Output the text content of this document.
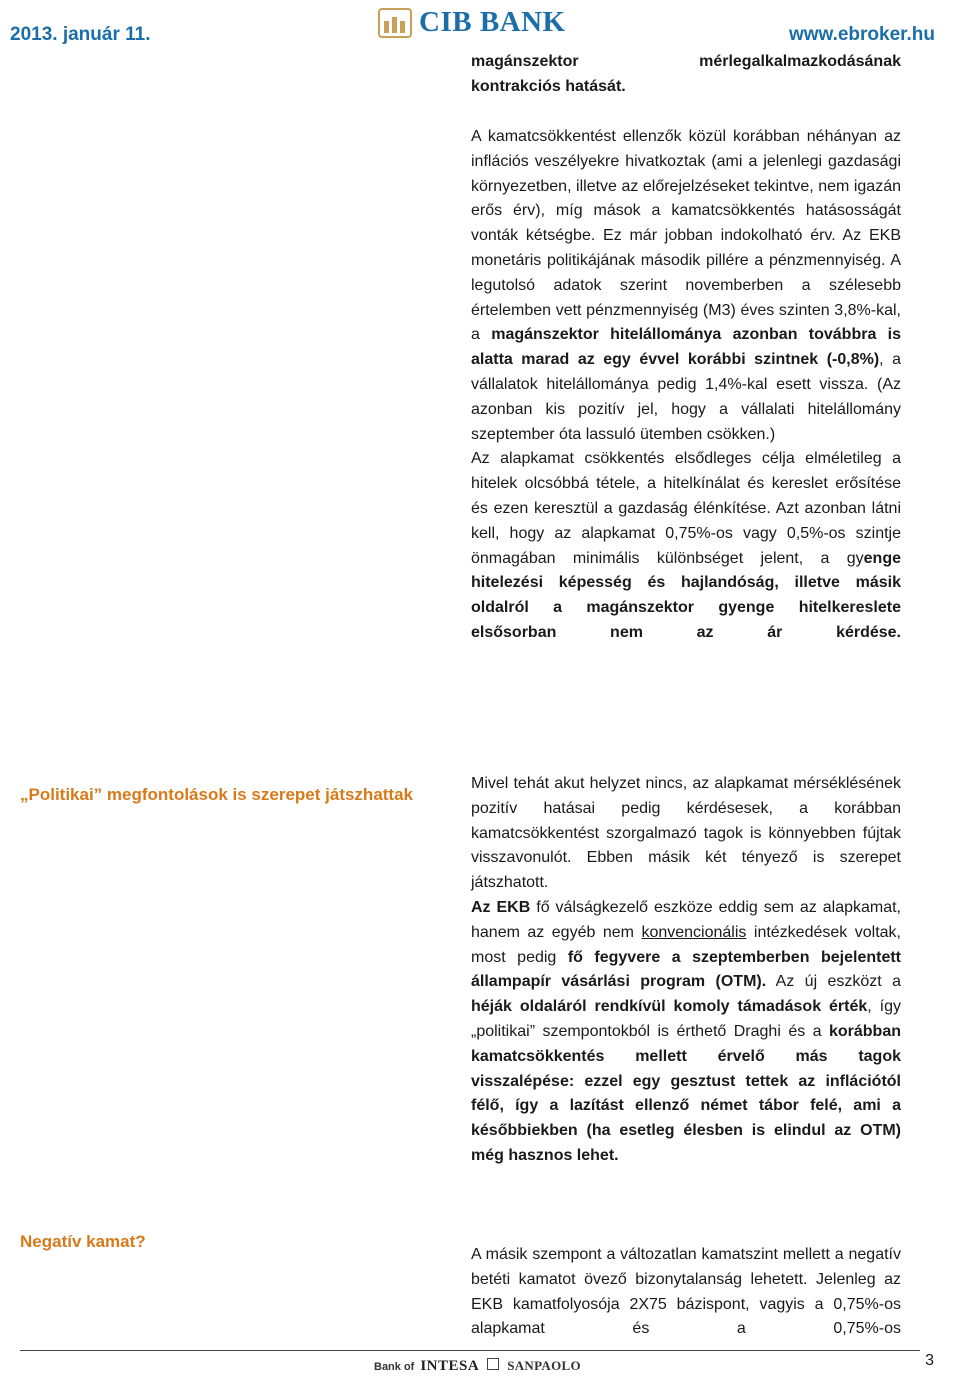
2013. január 11.	CIB BANK	www.ebroker.hu
magánszektor	mérlegalkalmazkodásának
kontrakciós hatását.

A kamatcsökkentést ellenzők közül korábban néhányan az inflációs veszélyekre hivatkoztak (ami a jelenlegi gazdasági környezetben, illetve az előrejelzéseket tekintve, nem igazán erős érv), míg mások a kamatcsökkentés hatásosságát vonták kétségbe. Ez már jobban indokolható érv. Az EKB monetáris politikájának második pillére a pénzmennyiség. A legutolsó adatok szerint novemberben a szélesebb értelemben vett pénzmennyiség (M3) éves szinten 3,8%-kal, a magánszektor hitelállománya azonban továbbra is alatta marad az egy évvel korábbi szintnek (-0,8%), a vállalatok hitelállománya pedig 1,4%-kal esett vissza. (Az azonban kis pozitív jel, hogy a vállalati hitelállomány szeptember óta lassuló ütemben csökken.)

Az alapkamat csökkentés elsődleges célja elméletileg a hitelek olcsóbbá tétele, a hitelkínálat és kereslet erősítése és ezen keresztül a gazdaság élénkítése. Azt azonban látni kell, hogy az alapkamat 0,75%-os vagy 0,5%-os szintje önmagában minimális különbséget jelent, a gyenge hitelezési képesség és hajlandóság, illetve másik oldalról a magánszektor gyenge hitelkereslete elsősorban nem az ár kérdése.

„Politikai” megfontolások is szerepet játszhattak

Mivel tehát akut helyzet nincs, az alapkamat mérséklésének pozitív hatásai pedig kérdésesek, a korábban kamatcsökkentést szorgalmazó tagok is könnyebben fújtak visszavonulót. Ebben másik két tényező is szerepet játszhatott.

Az EKB fő válságkezelő eszköze eddig sem az alapkamat, hanem az egyéb nem konvencionális intézkedések voltak, most pedig fő fegyvere a szeptemberben bejelentett állampapír vásárlási program (OTM). Az új eszközt a héják oldaláról rendkívül komoly támadások érték, így „politikai” szempontokból is érthető Draghi és a korábban kamatcsökkentés mellett érvelő más tagok visszalépése: ezzel egy gesztust tettek az inflációtól félő, így a lazítást ellenző német tábor felé, ami a későbbiekben (ha esetleg élesben is elindul az OTM) még hasznos lehet.

Negatív kamat?

A másik szempont a változatlan kamatszint mellett a negatív betéti kamatot övező bizonytalanság lehetett. Jelenleg az EKB kamatfolyosója 2X75 bázispont, vagyis a 0,75%-os alapkamat és a 0,75%-os

Bank of INTESA SANPAOLO	3
